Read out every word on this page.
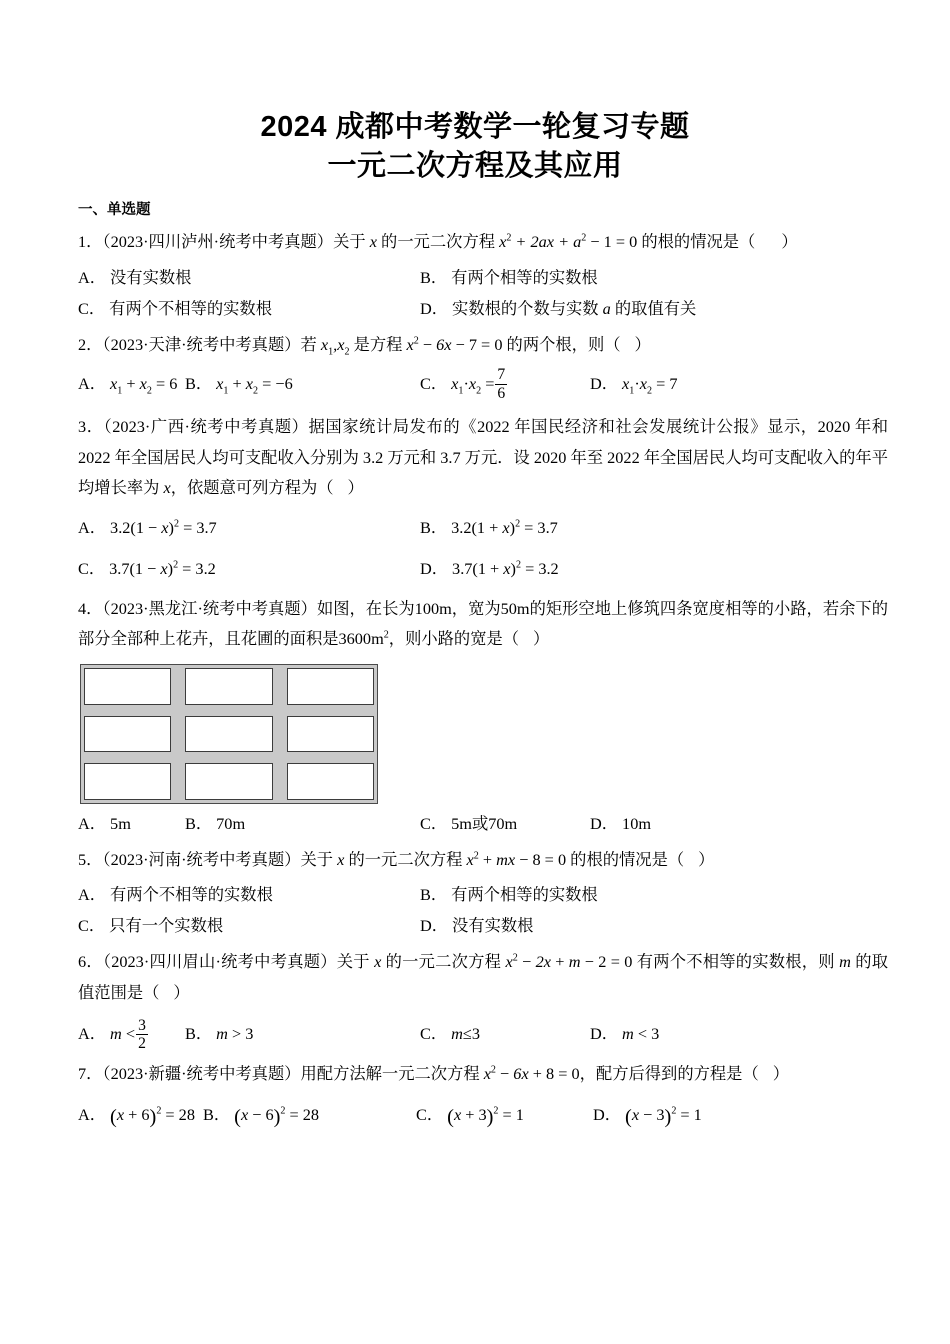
2024 成都中考数学一轮复习专题
一元二次方程及其应用
一、单选题
1．（2023·四川泸州·统考中考真题）关于 x 的一元二次方程 $x^2 + 2ax + a^2 - 1 = 0$ 的根的情况是（ ）
A． 没有实数根	B． 有两个相等的实数根
C． 有两个不相等的实数根	D． 实数根的个数与实数 a 的取值有关
2．（2023·天津·统考中考真题）若 $x_1,x_2$ 是方程 $x^2 - 6x - 7 = 0$ 的两个根，则（ ）
A． $x_1 + x_2 = 6$ B． $x_1 + x_2 = -6$	C． $x_1\cdot x_2 = \frac{7}{6}$	D． $x_1\cdot x_2 = 7$
3．（2023·广西·统考中考真题）据国家统计局发布的《2022 年国民经济和社会发展统计公报》显示，2020 年和 2022 年全国居民人均可支配收入分别为 3.2 万元和 3.7 万元．设 2020 年至 2022 年全国居民人均可支配收入的年平均增长率为 x，依题意可列方程为（ ）
A． $3.2(1 - x)^2 = 3.7$	B． $3.2(1 + x)^2 = 3.7$
C． $3.7(1 - x)^2 = 3.2$	D． $3.7(1 + x)^2 = 3.2$
4．（2023·黑龙江·统考中考真题）如图，在长为100m，宽为50m的矩形空地上修筑四条宽度相等的小路，若余下的部分全部种上花卉，且花圃的面积是$3600m^2$，则小路的宽是（ ）
A． 5m	B． 70m	C． 5m或70m	D． 10m
5．（2023·河南·统考中考真题）关于 x 的一元二次方程 $x^2$ + mx − 8 = 0 的根的情况是（ ）
A． 有两个不相等的实数根	B． 有两个相等的实数根
C． 只有一个实数根	D． 没有实数根
6．（2023·四川眉山·统考中考真题）关于 x 的一元二次方程 $x^2 - 2x + m - 2 = 0$ 有两个不相等的实数根，则 m 的取值范围是（ ）
A． $m < \frac{3}{2}$ B． m > 3	C． m≤3	D． m < 3
7．（2023·新疆·统考中考真题）用配方法解一元二次方程 $x^2 - 6x + 8 = 0$，配方后得到的方程是（ ）
A． $(x + 6)^2 = 28$ B． $(x - 6)^2 = 28$	C． $(x + 3)^2 = 1$	D． $(x - 3)^2 = 1$
